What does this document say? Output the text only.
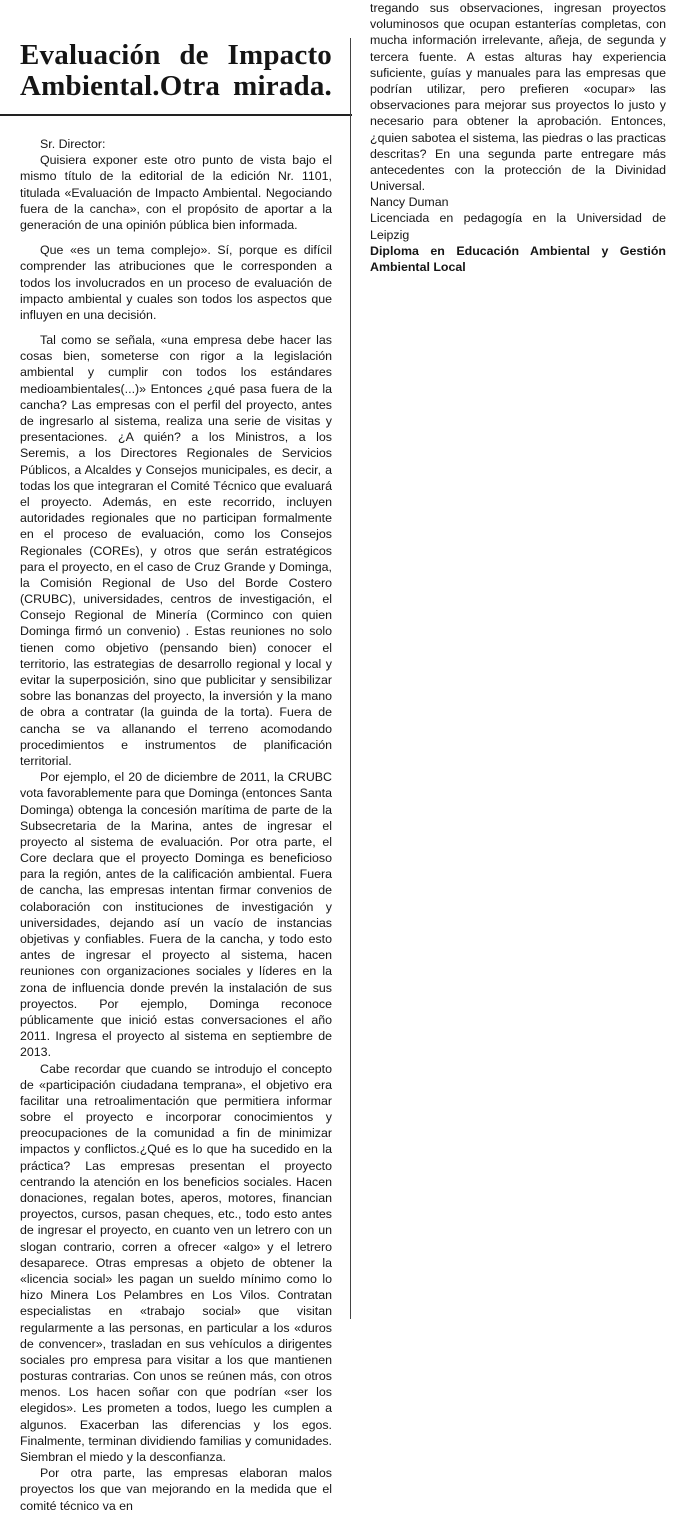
Evaluación de Impacto Ambiental.Otra mirada.

Sr. Director:

Quisiera exponer este otro punto de vista bajo el mismo título de la editorial de la edición Nr. 1101, titulada «Evaluación de Impacto Ambiental. Negociando fuera de la cancha», con el propósito de aportar a la generación de una opinión pública bien informada.

Que «es un tema complejo». Sí, porque es difícil comprender las atribuciones que le corresponden a todos los involucrados en un proceso de evaluación de impacto ambiental y cuales son todos los aspectos que influyen en una decisión.

Tal como se señala, «una empresa debe hacer las cosas bien, someterse con rigor a la legislación ambiental y cumplir con todos los estándares medioambientales(...)» Entonces ¿qué pasa fuera de la cancha? Las empresas con el perfil del proyecto, antes de ingresarlo al sistema, realiza una serie de visitas y presentaciones. ¿A quién? a los Ministros, a los Seremis, a los Directores Regionales de Servicios Públicos, a Alcaldes y Consejos municipales, es decir, a todas los que integraran el Comité Técnico que evaluará el proyecto. Además, en este recorrido, incluyen autoridades regionales que no participan formalmente en el proceso de evaluación, como los Consejos Regionales (COREs), y otros que serán estratégicos para el proyecto, en el caso de Cruz Grande y Dominga, la Comisión Regional de Uso del Borde Costero (CRUBC), universidades, centros de investigación, el Consejo Regional de Minería (Corminco con quien Dominga firmó un convenio) . Estas reuniones no solo tienen como objetivo (pensando bien) conocer el territorio, las estrategias de desarrollo regional y local y evitar la superposición, sino que publicitar y sensibilizar sobre las bonanzas del proyecto, la inversión y la mano de obra a contratar (la guinda de la torta). Fuera de cancha se va allanando el terreno acomodando procedimientos e instrumentos de planificación territorial.

Por ejemplo, el 20 de diciembre de 2011, la CRUBC vota favorablemente para que Dominga (entonces Santa Dominga) obtenga la concesión marítima de parte de la Subsecretaria de la Marina, antes de ingresar el proyecto al sistema de evaluación. Por otra parte, el Core declara que el proyecto Dominga es beneficioso para la región, antes de la calificación ambiental. Fuera de cancha, las empresas intentan firmar convenios de colaboración con instituciones de investigación y universidades, dejando así un vacío de instancias objetivas y confiables. Fuera de la cancha, y todo esto antes de ingresar el proyecto al sistema, hacen reuniones con organizaciones sociales y líderes en la zona de influencia donde prevén la instalación de sus proyectos. Por ejemplo, Dominga reconoce públicamente que inició estas conversaciones el año 2011. Ingresa el proyecto al sistema en septiembre de 2013.

Cabe recordar que cuando se introdujo el concepto de «participación ciudadana temprana», el objetivo era facilitar una retroalimentación que permitiera informar sobre el proyecto e incorporar conocimientos y preocupaciones de la comunidad a fin de minimizar impactos y conflictos.¿Qué es lo que ha sucedido en la práctica? Las empresas presentan el proyecto centrando la atención en los beneficios sociales. Hacen donaciones, regalan botes, aperos, motores, financian proyectos, cursos, pasan cheques, etc., todo esto antes de ingresar el proyecto, en cuanto ven un letrero con un slogan contrario, corren a ofrecer «algo» y el letrero desaparece. Otras empresas a objeto de obtener la «licencia social» les pagan un sueldo mínimo como lo hizo Minera Los Pelambres en Los Vilos. Contratan especialistas en «trabajo social» que visitan regularmente a las personas, en particular a los «duros de convencer», trasladan en sus vehículos a dirigentes sociales pro empresa para visitar a los que mantienen posturas contrarias. Con unos se reúnen más, con otros menos. Los hacen soñar con que podrían «ser los elegidos». Les prometen a todos, luego les cumplen a algunos. Exacerban las diferencias y los egos. Finalmente, terminan dividiendo familias y comunidades. Siembran el miedo y la desconfianza.

Por otra parte, las empresas elaboran malos proyectos los que van mejorando en la medida que el comité técnico va en

tregando sus observaciones, ingresan proyectos voluminosos que ocupan estanterías completas, con mucha información irrelevante, añeja, de segunda y tercera fuente. A estas alturas hay experiencia suficiente, guías y manuales para las empresas que podrían utilizar, pero prefieren «ocupar» las observaciones para mejorar sus proyectos lo justo y necesario para obtener la aprobación. Entonces, ¿quien sabotea el sistema, las piedras o las practicas descritas? En una segunda parte entregare más antecedentes con la protección de la Divinidad Universal.

Nancy Duman

Licenciada en pedagogía en la Universidad de Leipzig

Diploma en Educación Ambiental y Gestión Ambiental Local
